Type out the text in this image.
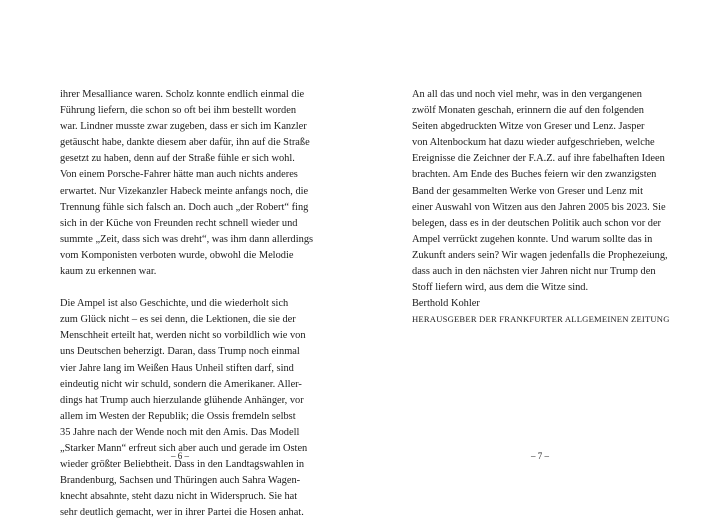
ihrer Mesalliance waren. Scholz konnte endlich einmal die

Führung liefern, die schon so oft bei ihm bestellt worden

war. Lindner musste zwar zugeben, dass er sich im Kanzler

getäuscht habe, dankte diesem aber dafür, ihn auf die Straße

gesetzt zu haben, denn auf der Straße fühle er sich wohl.

Von einem Porsche-Fahrer hätte man auch nichts anderes

erwartet. Nur Vizekanzler Habeck meinte anfangs noch, die

Trennung fühle sich falsch an. Doch auch „der Robert“ fing

sich in der Küche von Freunden recht schnell wieder und

summte „Zeit, dass sich was dreht“, was ihm dann allerdings

vom Komponisten verboten wurde, obwohl die Melodie

kaum zu erkennen war.

Die Ampel ist also Geschichte, und die wiederholt sich

zum Glück nicht – es sei denn, die Lektionen, die sie der

Menschheit erteilt hat, werden nicht so vorbildlich wie von

uns Deutschen beherzigt. Daran, dass Trump noch einmal

vier Jahre lang im Weißen Haus Unheil stiften darf, sind

eindeutig nicht wir schuld, sondern die Amerikaner. Aller-

dings hat Trump auch hierzulande glühende Anhänger, vor

allem im Westen der Republik; die Ossis fremdeln selbst

35 Jahre nach der Wende noch mit den Amis. Das Modell

„Starker Mann“ erfreut sich aber auch und gerade im Osten

wieder größter Beliebtheit. Dass in den Landtagswahlen in

Brandenburg, Sachsen und Thüringen auch Sahra Wagen-

knecht absahnte, steht dazu nicht in Widerspruch. Sie hat

sehr deutlich gemacht, wer in ihrer Partei die Hosen anhat.

– 6 –

An all das und noch viel mehr, was in den vergangenen

zwölf Monaten geschah, erinnern die auf den folgenden

Seiten abgedruckten Witze von Greser und Lenz. Jasper

von Altenbockum hat dazu wieder aufgeschrieben, welche

Ereignisse die Zeichner der F.A.Z. auf ihre fabelhaften Ideen

brachten. Am Ende des Buches feiern wir den zwanzigsten

Band der gesammelten Werke von Greser und Lenz mit

einer Auswahl von Witzen aus den Jahren 2005 bis 2023. Sie

belegen, dass es in der deutschen Politik auch schon vor der

Ampel verrückt zugehen konnte. Und warum sollte das in

Zukunft anders sein? Wir wagen jedenfalls die Prophezeiung,

dass auch in den nächsten vier Jahren nicht nur Trump den

Stoff liefern wird, aus dem die Witze sind.

Berthold Kohler

HERAUSGEBER DER FRANKFURTER ALLGEMEINEN ZEITUNG

– 7 –
